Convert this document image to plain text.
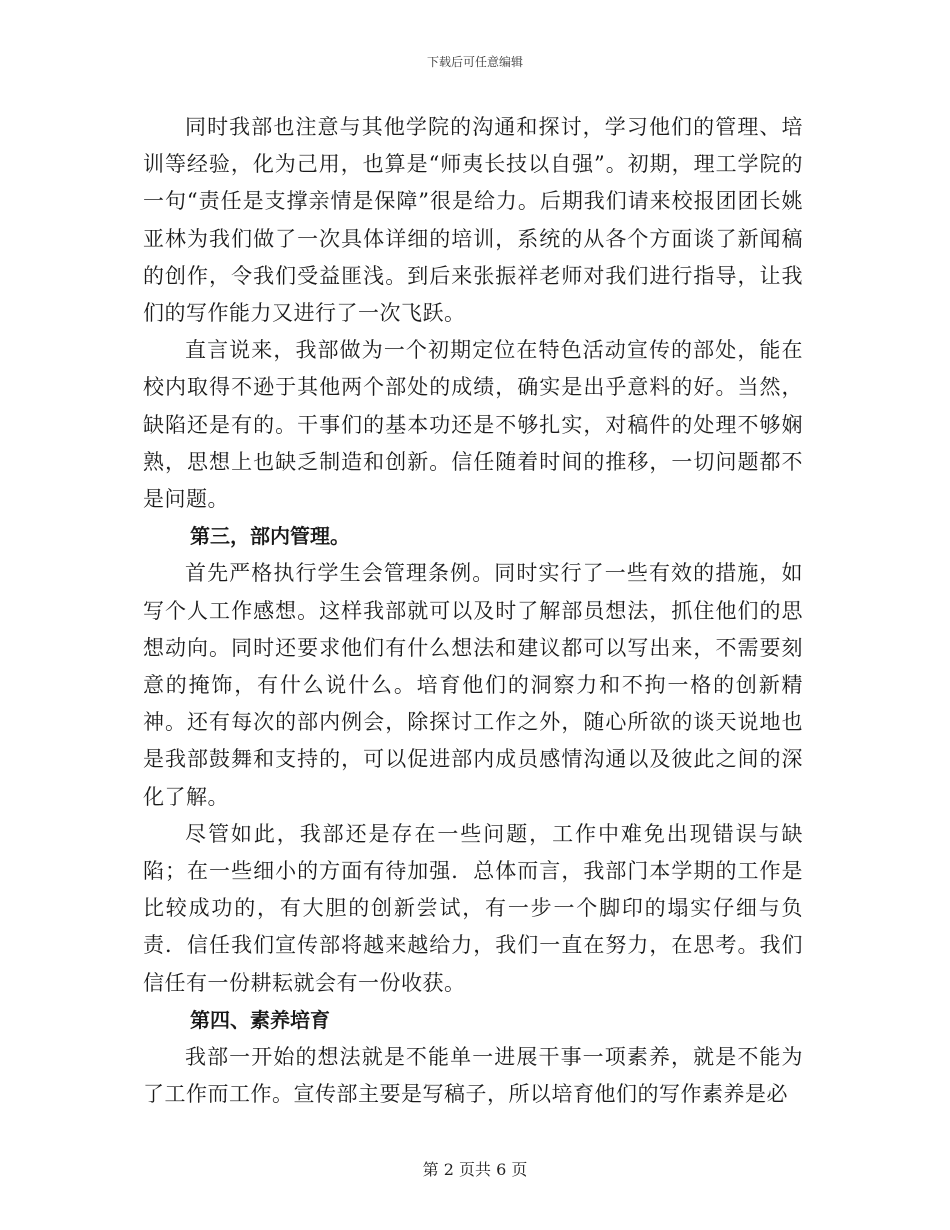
下载后可任意编辑

同时我部也注意与其他学院的沟通和探讨，学习他们的管理、培训等经验，化为己用，也算是“师夷长技以自强”。初期，理工学院的一句“责任是支撑亲情是保障”很是给力。后期我们请来校报团团长姚亚林为我们做了一次具体详细的培训，系统的从各个方面谈了新闻稿的创作，令我们受益匪浅。到后来张振祥老师对我们进行指导，让我们的写作能力又进行了一次飞跃。

直言说来，我部做为一个初期定位在特色活动宣传的部处，能在校内取得不逊于其他两个部处的成绩，确实是出乎意料的好。当然，缺陷还是有的。干事们的基本功还是不够扎实，对稿件的处理不够娴熟，思想上也缺乏制造和创新。信任随着时间的推移，一切问题都不是问题。

第三，部内管理。

首先严格执行学生会管理条例。同时实行了一些有效的措施，如写个人工作感想。这样我部就可以及时了解部员想法，抓住他们的思想动向。同时还要求他们有什么想法和建议都可以写出来，不需要刻意的掩饰，有什么说什么。培育他们的洞察力和不拘一格的创新精神。还有每次的部内例会，除探讨工作之外，随心所欲的谈天说地也是我部鼓舞和支持的，可以促进部内成员感情沟通以及彼此之间的深化了解。

尽管如此，我部还是存在一些问题，工作中难免出现错误与缺陷；在一些细小的方面有待加强．总体而言，我部门本学期的工作是比较成功的，有大胆的创新尝试，有一步一个脚印的塌实仔细与负责．信任我们宣传部将越来越给力，我们一直在努力，在思考。我们信任有一份耕耘就会有一份收获。

第四、素养培育

我部一开始的想法就是不能单一进展干事一项素养，就是不能为了工作而工作。宣传部主要是写稿子，所以培育他们的写作素养是必

第 2 页共 6 页
